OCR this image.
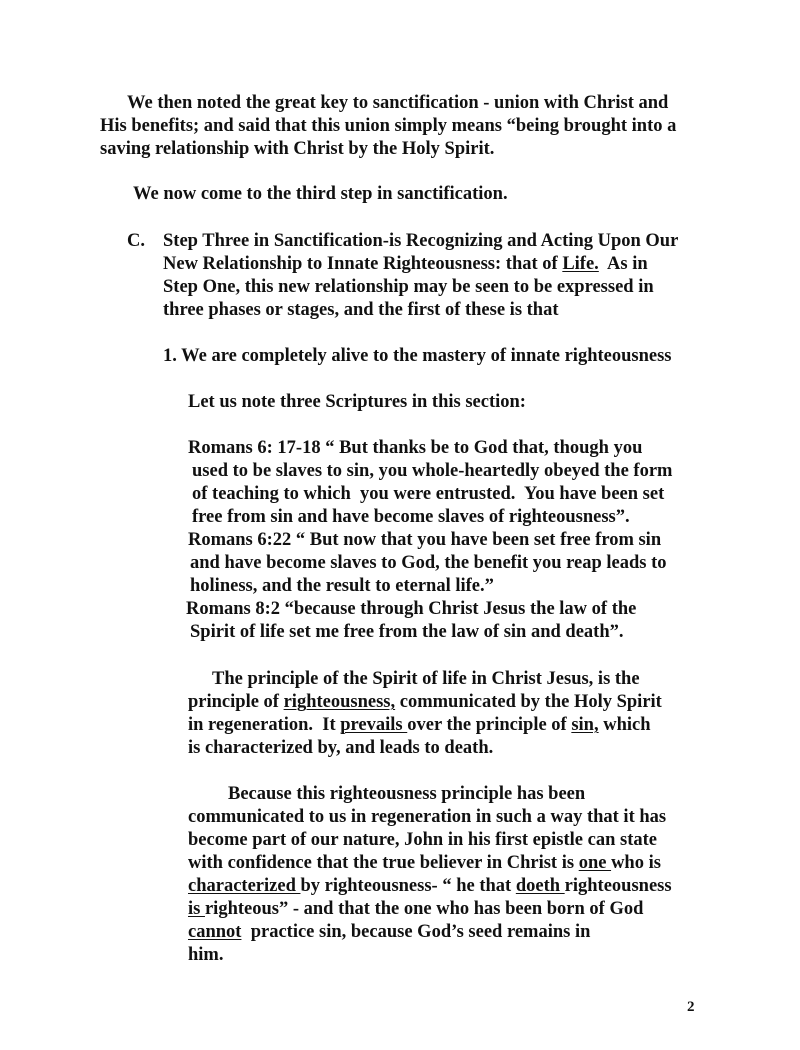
We then noted the great key to sanctification - union with Christ and

His benefits; and said that this union simply means “being brought into a

saving relationship with Christ by the Holy Spirit.

We now come to the third step in sanctification.

C. Step Three in Sanctification-is Recognizing and Acting Upon Our

New Relationship to Innate Righteousness: that of Life.  As in

Step One, this new relationship may be seen to be expressed in

three phases or stages, and the first of these is that

1. We are completely alive to the mastery of innate righteousness

Let us note three Scriptures in this section:

Romans 6: 17-18 “ But thanks be to God that, though you

used to be slaves to sin, you whole-heartedly obeyed the form

of teaching to which  you were entrusted.  You have been set

free from sin and have become slaves of righteousness”.

Romans 6:22 “ But now that you have been set free from sin

and have become slaves to God, the benefit you reap leads to

holiness, and the result to eternal life.”

Romans 8:2 “because through Christ Jesus the law of the

Spirit of life set me free from the law of sin and death”.

The principle of the Spirit of life in Christ Jesus, is the

principle of righteousness, communicated by the Holy Spirit

in regeneration.  It prevails over the principle of sin, which

is characterized by, and leads to death.

Because this righteousness principle has been

communicated to us in regeneration in such a way that it has

become part of our nature, John in his first epistle can state

with confidence that the true believer in Christ is one who is

characterized by righteousness- “ he that doeth righteousness

is righteous” - and that the one who has been born of God

cannot  practice sin, because God’s seed remains in

him.

2
